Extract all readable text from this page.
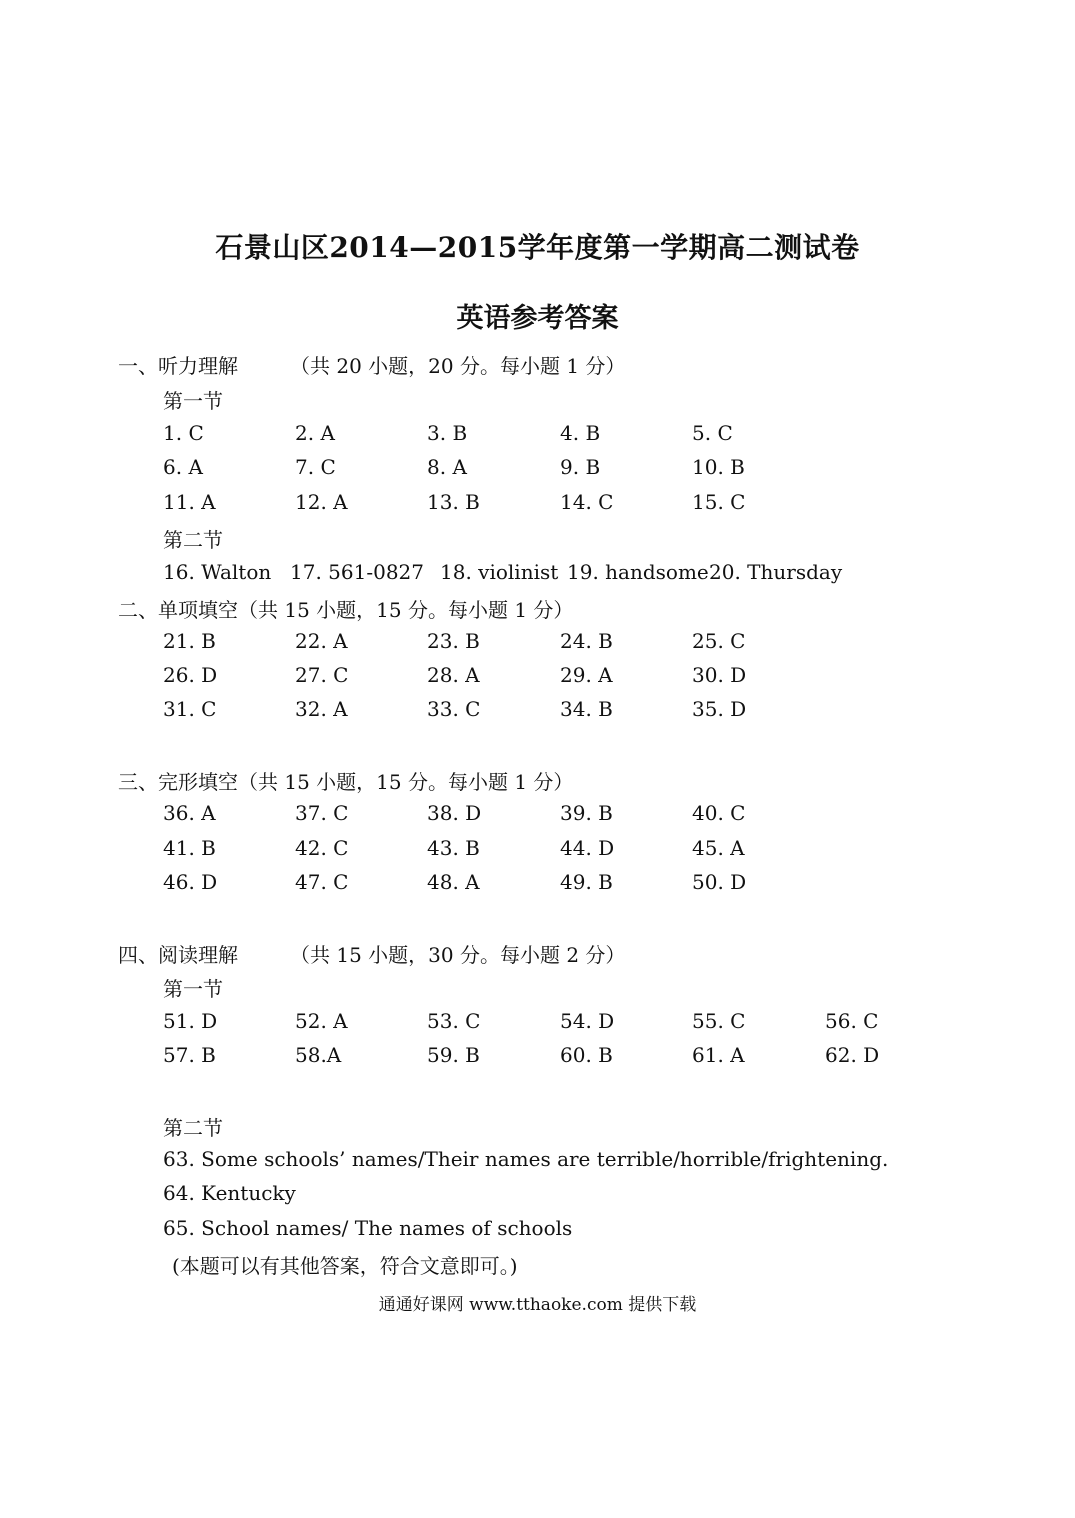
石景山区2014—2015学年度第一学期高二测试卷
英语参考答案
一、听力理解	（共 20 小题，20 分。每小题 1 分）
第一节
1. C	2. A	3. B	4. B	5. C
6. A	7. C	8. A	9. B	10. B
11. A	12. A	13. B	14. C	15. C
第二节
16. Walton 17. 561-0827 18. violinist 19. handsome 20. Thursday
二、单项填空（共 15 小题，15 分。每小题 1 分）
21. B	22. A	23. B	24. B	25. C
26. D	27. C	28. A	29. A	30. D
31. C	32. A	33. C	34. B	35. D
三、完形填空（共 15 小题，15 分。每小题 1 分）
36. A	37. C	38. D	39. B	40. C
41. B	42. C	43. B	44. D	45. A
46. D	47. C	48. A	49. B	50. D
四、阅读理解	（共 15 小题，30 分。每小题 2 分）
第一节
51. D	52. A	53. C	54. D	55. C	56. C
57. B	58.A	59. B	60. B	61. A	62. D
第二节
63. Some schools’ names/Their names are terrible/horrible/frightening.
64. Kentucky
65. School names/ The names of schools
(本题可以有其他答案，符合文意即可。)
通通好课网 www.tthaoke.com 提供下载
